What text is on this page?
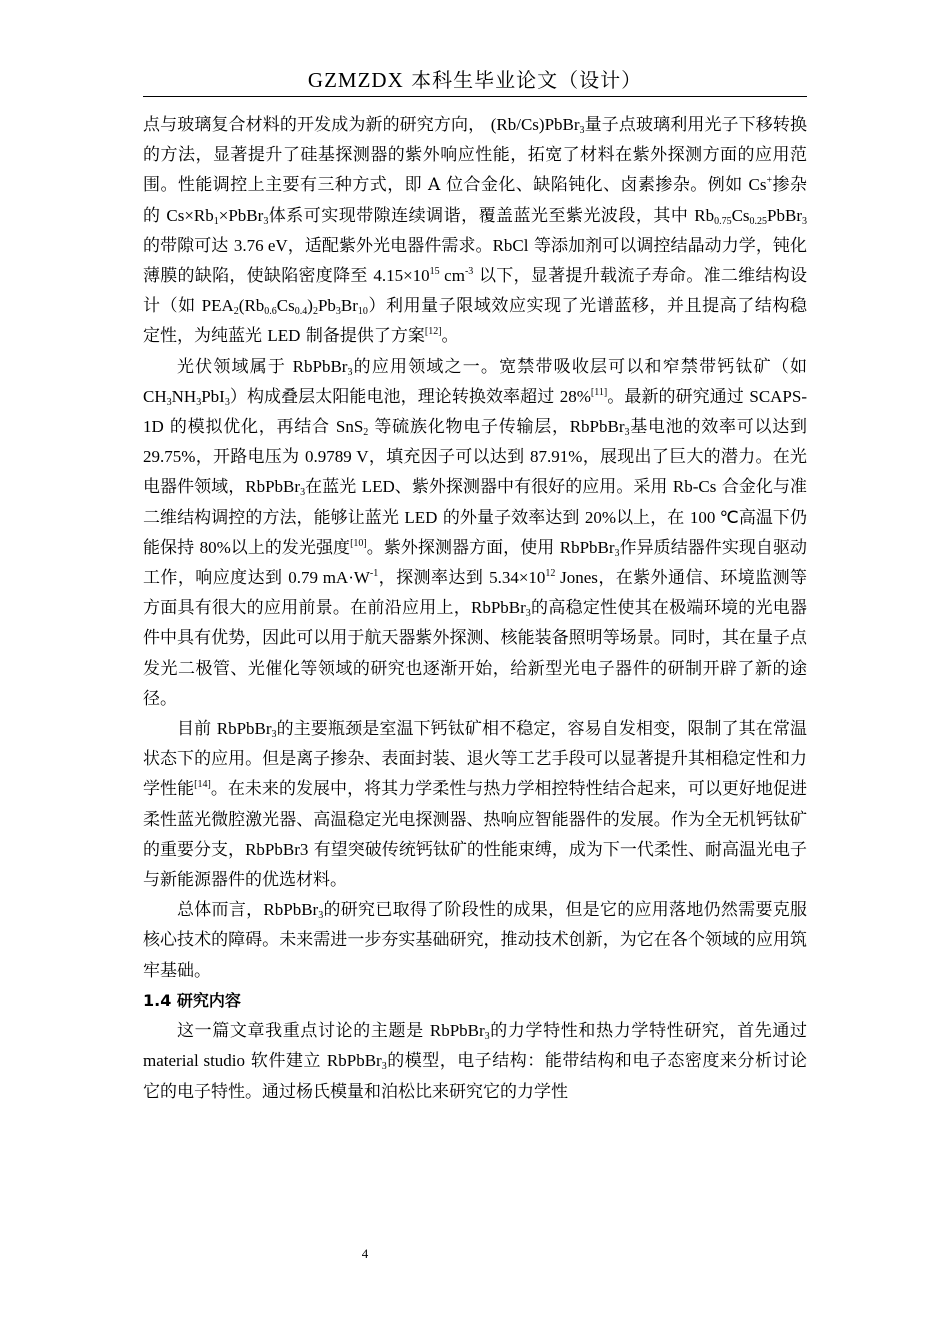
GZMZDX 本科生毕业论文（设计）

点与玻璃复合材料的开发成为新的研究方向， (Rb/Cs)PbBr$_3$量子点玻璃利用光子下移转换的方法，显著提升了硅基探测器的紫外响应性能，拓宽了材料在紫外探测方面的应用范围。性能调控上主要有三种方式，即 A 位合金化、缺陷钝化、卤素掺杂。例如 Cs+掺杂的 $Cs\times Rb_1\times PbBr_3$体系可实现带隙连续调谐，覆盖蓝光至紫光波段，其中 $Rb_{0.75}Cs_{0.25}PbBr_3$的带隙可达 3.76 eV，适配紫外光电器件需求。RbCl 等添加剂可以调控结晶动力学，钝化薄膜的缺陷，使缺陷密度降至 $4.15\times 10^{15}$ $cm^{-3}$ 以下，显著提升载流子寿命。准二维结构设计（如 $PEA_2(Rb_{0.6}Cs_{0.4})_2Pb_3Br_{10}$）利用量子限域效应实现了光谱蓝移，并且提高了结构稳定性，为纯蓝光 LED 制备提供了方案[12]。

光伏领域属于 RbPbBr$_3$的应用领域之一。宽禁带吸收层可以和窄禁带钙钛矿（如 $CH_3NH_3PbI_3$）构成叠层太阳能电池，理论转换效率超过 28%[11]。最新的研究通过 SCAPS-1D 的模拟优化，再结合 SnS$_2$ 等硫族化物电子传输层，RbPbBr$_3$基电池的效率可以达到 29.75%，开路电压为 0.9789 V，填充因子可以达到 87.91%，展现出了巨大的潜力。在光电器件领域，RbPbBr$_3$在蓝光 LED、紫外探测器中有很好的应用。采用 Rb-Cs 合金化与准二维结构调控的方法，能够让蓝光 LED 的外量子效率达到 20%以上，在 100 ℃高温下仍能保持 80%以上的发光强度[10]。紫外探测器方面，使用 RbPbBr$_3$作异质结器件实现自驱动工作，响应度达到 0.79 $mA\cdot W^{-1}$，探测率达到 $5.34\times 10^{12}$ Jones，在紫外通信、环境监测等方面具有很大的应用前景。在前沿应用上，RbPbBr$_3$的高稳定性使其在极端环境的光电器件中具有优势，因此可以用于航天器紫外探测、核能装备照明等场景。同时，其在量子点发光二极管、光催化等领域的研究也逐渐开始，给新型光电子器件的研制开辟了新的途径。

目前 RbPbBr$_3$的主要瓶颈是室温下钙钛矿相不稳定，容易自发相变，限制了其在常温状态下的应用。但是离子掺杂、表面封装、退火等工艺手段可以显著提升其相稳定性和力学性能[14]。在未来的发展中，将其力学柔性与热力学相控特性结合起来，可以更好地促进柔性蓝光微腔激光器、高温稳定光电探测器、热响应智能器件的发展。作为全无机钙钛矿的重要分支，RbPbBr3 有望突破传统钙钛矿的性能束缚，成为下一代柔性、耐高温光电子与新能源器件的优选材料。

总体而言，RbPbBr$_3$的研究已取得了阶段性的成果，但是它的应用落地仍然需要克服核心技术的障碍。未来需进一步夯实基础研究，推动技术创新，为它在各个领域的应用筑牢基础。

1.4 研究内容

这一篇文章我重点讨论的主题是 RbPbBr$_3$的力学特性和热力学特性研究，首先通过 material studio 软件建立 RbPbBr$_3$的模型，电子结构：能带结构和电子态密度来分析讨论它的电子特性。通过杨氏模量和泊松比来研究它的力学性

4
